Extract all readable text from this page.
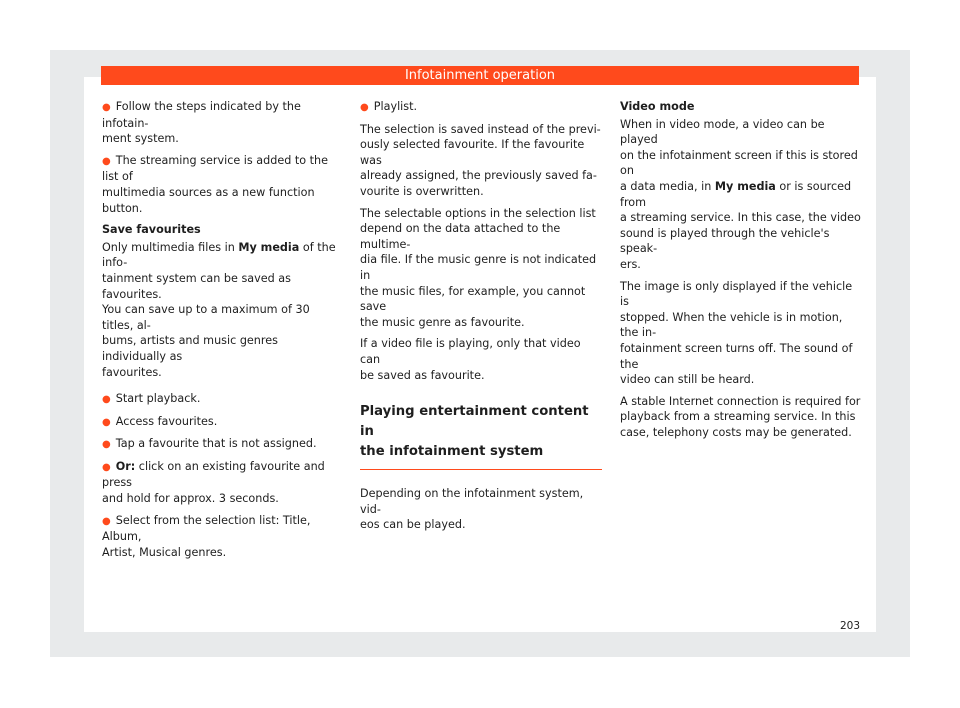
Infotainment operation

● Follow the steps indicated by the infotain-
ment system.

● The streaming service is added to the list of
multimedia sources as a new function button.

Save favourites

Only multimedia files in My media of the info-
tainment system can be saved as favourites.
You can save up to a maximum of 30 titles, al-
bums, artists and music genres individually as
favourites.

● Start playback.

● Access favourites.

● Tap a favourite that is not assigned.

● Or: click on an existing favourite and press
and hold for approx. 3 seconds.

● Select from the selection list: Title, Album,
Artist, Musical genres.

● Playlist.

The selection is saved instead of the previ-
ously selected favourite. If the favourite was
already assigned, the previously saved fa-
vourite is overwritten.

The selectable options in the selection list
depend on the data attached to the multime-
dia file. If the music genre is not indicated in
the music files, for example, you cannot save
the music genre as favourite.

If a video file is playing, only that video can
be saved as favourite.

Playing entertainment content in
the infotainment system

Depending on the infotainment system, vid-
eos can be played.

Video mode

When in video mode, a video can be played
on the infotainment screen if this is stored on
a data media, in My media or is sourced from
a streaming service. In this case, the video
sound is played through the vehicle's speak-
ers.

The image is only displayed if the vehicle is
stopped. When the vehicle is in motion, the in-
fotainment screen turns off. The sound of the
video can still be heard.

A stable Internet connection is required for
playback from a streaming service. In this
case, telephony costs may be generated.

203
